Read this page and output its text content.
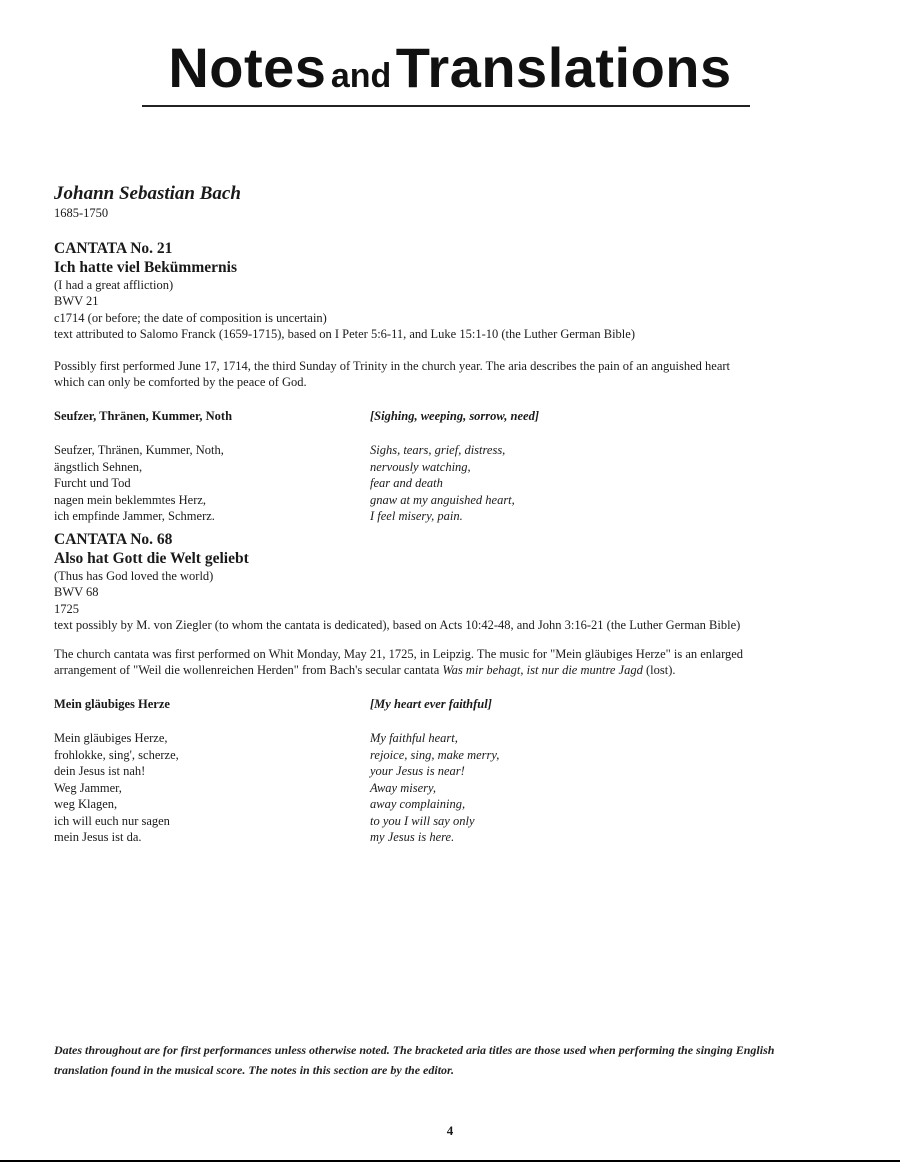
Notes and Translations
Johann Sebastian Bach
1685-1750
CANTATA No. 21
Ich hatte viel Bekümmernis
(I had a great affliction)
BWV 21
c1714 (or before; the date of composition is uncertain)
text attributed to Salomo Franck (1659-1715), based on I Peter 5:6-11, and Luke 15:1-10 (the Luther German Bible)
Possibly first performed June 17, 1714, the third Sunday of Trinity in the church year. The aria describes the pain of an anguished heart
which can only be comforted by the peace of God.
Seufzer, Thränen, Kummer, Noth	[Sighing, weeping, sorrow, need]
Seufzer, Thränen, Kummer, Noth,
ängstlich Sehnen,
Furcht und Tod
nagen mein beklemmtes Herz,
ich empfinde Jammer, Schmerz.
Sighs, tears, grief, distress,
nervously watching,
fear and death
gnaw at my anguished heart,
I feel misery, pain.
CANTATA No. 68
Also hat Gott die Welt geliebt
(Thus has God loved the world)
BWV 68
1725
text possibly by M. von Ziegler (to whom the cantata is dedicated), based on Acts 10:42-48, and John 3:16-21 (the Luther German Bible)
The church cantata was first performed on Whit Monday, May 21, 1725, in Leipzig. The music for "Mein gläubiges Herze" is an enlarged
arrangement of "Weil die wollenreichen Herden" from Bach's secular cantata Was mir behagt, ist nur die muntre Jagd (lost).
Mein gläubiges Herze	[My heart ever faithful]
Mein gläubiges Herze,
frohlokke, sing', scherze,
dein Jesus ist nah!
Weg Jammer,
weg Klagen,
ich will euch nur sagen
mein Jesus ist da.
My faithful heart,
rejoice, sing, make merry,
your Jesus is near!
Away misery,
away complaining,
to you I will say only
my Jesus is here.
Dates throughout are for first performances unless otherwise noted. The bracketed aria titles are those used when performing the singing English
translation found in the musical score. The notes in this section are by the editor.
4
